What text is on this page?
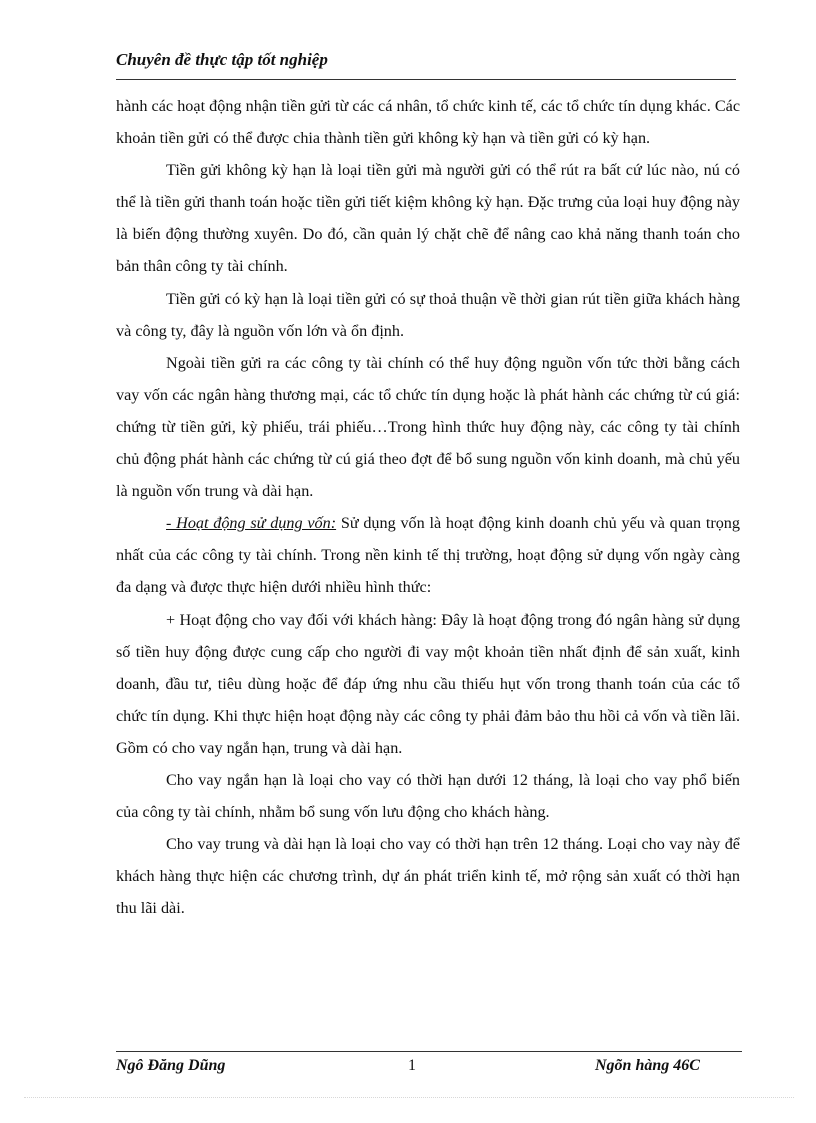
Chuyên đề thực tập tốt nghiệp

hành các hoạt động nhận tiền gửi từ các cá nhân, tổ chức kinh tế, các tổ chức tín dụng khác. Các khoản tiền gửi có thể được chia thành tiền gửi không kỳ hạn và tiền gửi có kỳ hạn.

Tiền gửi không kỳ hạn là loại tiền gửi mà người gửi có thể rút ra bất cứ lúc nào, nú có thể là tiền gửi thanh toán hoặc tiền gửi tiết kiệm không kỳ hạn. Đặc trưng của loại huy động này là biến động thường xuyên. Do đó, cần quản lý chặt chẽ để nâng cao khả năng thanh toán cho bản thân công ty tài chính.

Tiền gửi có kỳ hạn là loại tiền gửi có sự thoả thuận về thời gian rút tiền giữa khách hàng và công ty, đây là nguồn vốn lớn và ổn định.

Ngoài tiền gửi ra các công ty tài chính có thể huy động nguồn vốn tức thời bằng cách vay vốn các ngân hàng thương mại, các tổ chức tín dụng hoặc là phát hành các chứng từ cú giá: chứng từ tiền gửi, kỳ phiếu, trái phiếu…Trong hình thức huy động này, các công ty tài chính chủ động phát hành các chứng từ cú giá theo đợt để bổ sung nguồn vốn kinh doanh, mà chủ yếu là nguồn vốn trung và dài hạn.

- Hoạt động sử dụng vốn: Sử dụng vốn là hoạt động kinh doanh chủ yếu và quan trọng nhất của các công ty tài chính. Trong nền kinh tế thị trường, hoạt động sử dụng vốn ngày càng đa dạng và được thực hiện dưới nhiều hình thức:

+ Hoạt động cho vay đối với khách hàng: Đây là hoạt động trong đó ngân hàng sử dụng số tiền huy động được cung cấp cho người đi vay một khoản tiền nhất định để sản xuất, kinh doanh, đầu tư, tiêu dùng hoặc để đáp ứng nhu cầu thiếu hụt vốn trong thanh toán của các tổ chức tín dụng. Khi thực hiện hoạt động này các công ty phải đảm bảo thu hồi cả vốn và tiền lãi. Gồm có cho vay ngắn hạn, trung và dài hạn.

Cho vay ngắn hạn là loại cho vay có thời hạn dưới 12 tháng, là loại cho vay phổ biến của công ty tài chính, nhằm bổ sung vốn lưu động cho khách hàng.

Cho vay trung và dài hạn là loại cho vay có thời hạn trên 12 tháng. Loại cho vay này để khách hàng thực hiện các chương trình, dự án phát triển kinh tế, mở rộng sản xuất có thời hạn thu lãi dài.

Ngô Đăng Dũng	1	Ngõn hàng 46C
